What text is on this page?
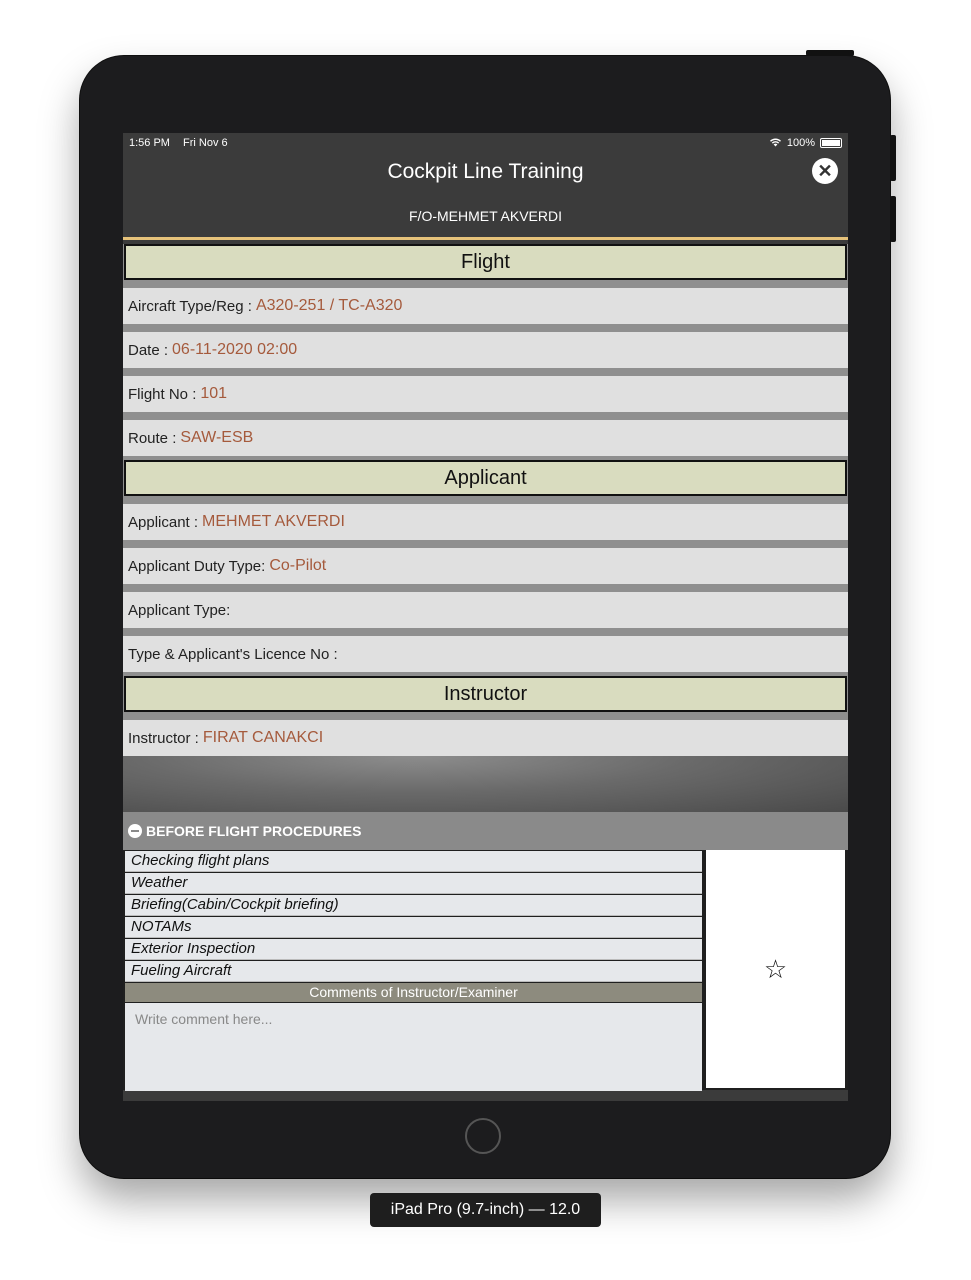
1:56 PM Fri Nov 6	100%
Cockpit Line Training	✕
F/O-MEHMET AKVERDI
Flight
Aircraft Type/Reg : A320-251 / TC-A320
Date : 06-11-2020 02:00
Flight No : 101
Route : SAW-ESB
Applicant
Applicant : MEHMET AKVERDI
Applicant Duty Type: Co-Pilot
Applicant Type:
Type & Applicant's Licence No :
Instructor
Instructor : FIRAT CANAKCI
BEFORE FLIGHT PROCEDURES
Checking flight plans
Weather
Briefing(Cabin/Cockpit briefing)
NOTAMs
Exterior Inspection
Fueling Aircraft
Comments of Instructor/Examiner
Write comment here...
☆
iPad Pro (9.7-inch) — 12.0
